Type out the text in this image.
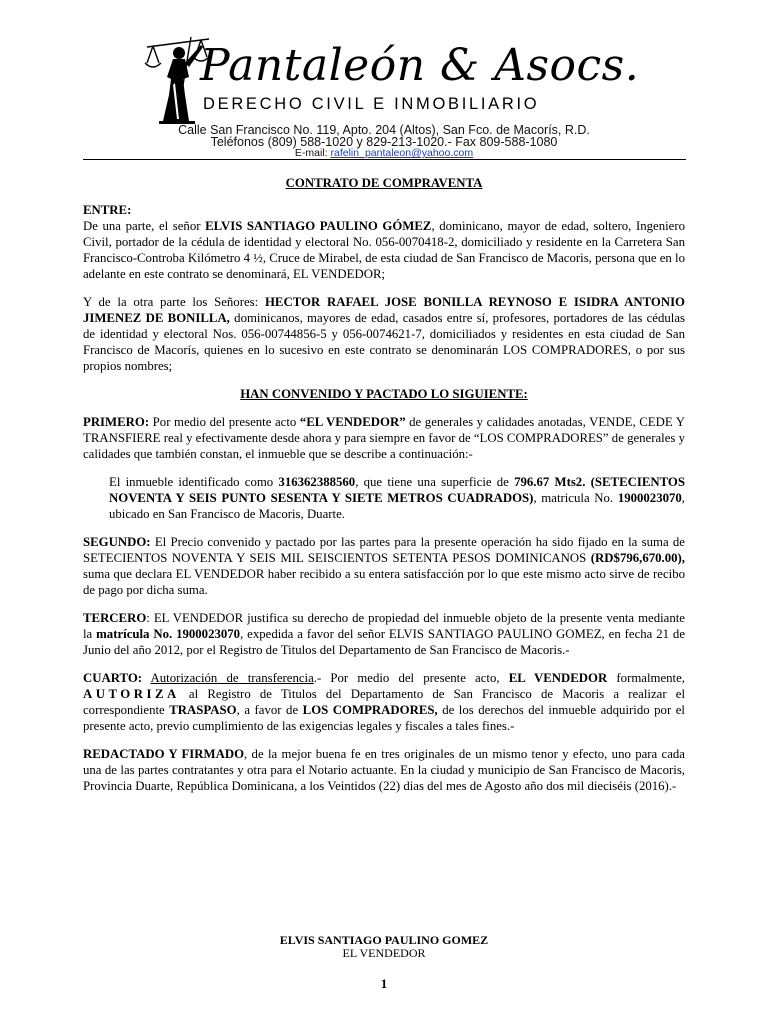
Pantaleón & Asocs.
DERECHO CIVIL E INMOBILIARIO
Calle San Francisco No. 119, Apto. 204 (Altos), San Fco. de Macorís, R.D.
Teléfonos (809) 588-1020 y 829-213-1020.- Fax 809-588-1080
E-mail: rafelin_pantaleon@yahoo.com

CONTRATO DE COMPRAVENTA

ENTRE:

De una parte, el señor ELVIS SANTIAGO PAULINO GÓMEZ, dominicano, mayor de edad, soltero, Ingeniero Civil, portador de la cédula de identidad y electoral No. 056-0070418-2, domiciliado y residente en la Carretera San Francisco-Controba Kilómetro 4 ½, Cruce de Mirabel, de esta ciudad de San Francisco de Macoris, persona que en lo adelante en este contrato se denominará, EL VENDEDOR;

Y de la otra parte los Señores: HECTOR RAFAEL JOSE BONILLA REYNOSO E ISIDRA ANTONIO JIMENEZ DE BONILLA, dominicanos, mayores de edad, casados entre sí, profesores, portadores de las cédulas de identidad y electoral Nos. 056-00744856-5 y 056-0074621-7, domiciliados y residentes en esta ciudad de San Francisco de Macorís, quienes en lo sucesivo en este contrato se denominarán LOS COMPRADORES, o por sus propios nombres;

HAN CONVENIDO Y PACTADO LO SIGUIENTE:

PRIMERO: Por medio del presente acto “EL VENDEDOR” de generales y calidades anotadas, VENDE, CEDE Y TRANSFIERE real y efectivamente desde ahora y para siempre en favor de “LOS COMPRADORES” de generales y calidades que también constan, el inmueble que se describe a continuación:-

El inmueble identificado como 316362388560, que tiene una superficie de 796.67 Mts2. (SETECIENTOS NOVENTA Y SEIS PUNTO SESENTA Y SIETE METROS CUADRADOS), matricula No. 1900023070, ubicado en San Francisco de Macoris, Duarte.

SEGUNDO: El Precio convenido y pactado por las partes para la presente operación ha sido fijado en la suma de SETECIENTOS NOVENTA Y SEIS MIL SEISCIENTOS SETENTA PESOS DOMINICANOS (RD$796,670.00), suma que declara EL VENDEDOR haber recibido a su entera satisfacción por lo que este mismo acto sirve de recibo de pago por dicha suma.

TERCERO: EL VENDEDOR justifica su derecho de propiedad del inmueble objeto de la presente venta mediante la matrícula No. 1900023070, expedida a favor del señor ELVIS SANTIAGO PAULINO GOMEZ, en fecha 21 de Junio del año 2012, por el Registro de Titulos del Departamento de San Francisco de Macoris.-

CUARTO: Autorización de transferencia.- Por medio del presente acto, EL VENDEDOR formalmente, AUTORIZA al Registro de Titulos del Departamento de San Francisco de Macoris a realizar el correspondiente TRASPASO, a favor de LOS COMPRADORES, de los derechos del inmueble adquirido por el presente acto, previo cumplimiento de las exigencias legales y fiscales a tales fines.-

REDACTADO Y FIRMADO, de la mejor buena fe en tres originales de un mismo tenor y efecto, uno para cada una de las partes contratantes y otra para el Notario actuante. En la ciudad y municipio de San Francisco de Macoris, Provincia Duarte, República Dominicana, a los Veintidos (22) dias del mes de Agosto año dos mil dieciséis (2016).-

ELVIS SANTIAGO PAULINO GOMEZ
EL VENDEDOR
1
